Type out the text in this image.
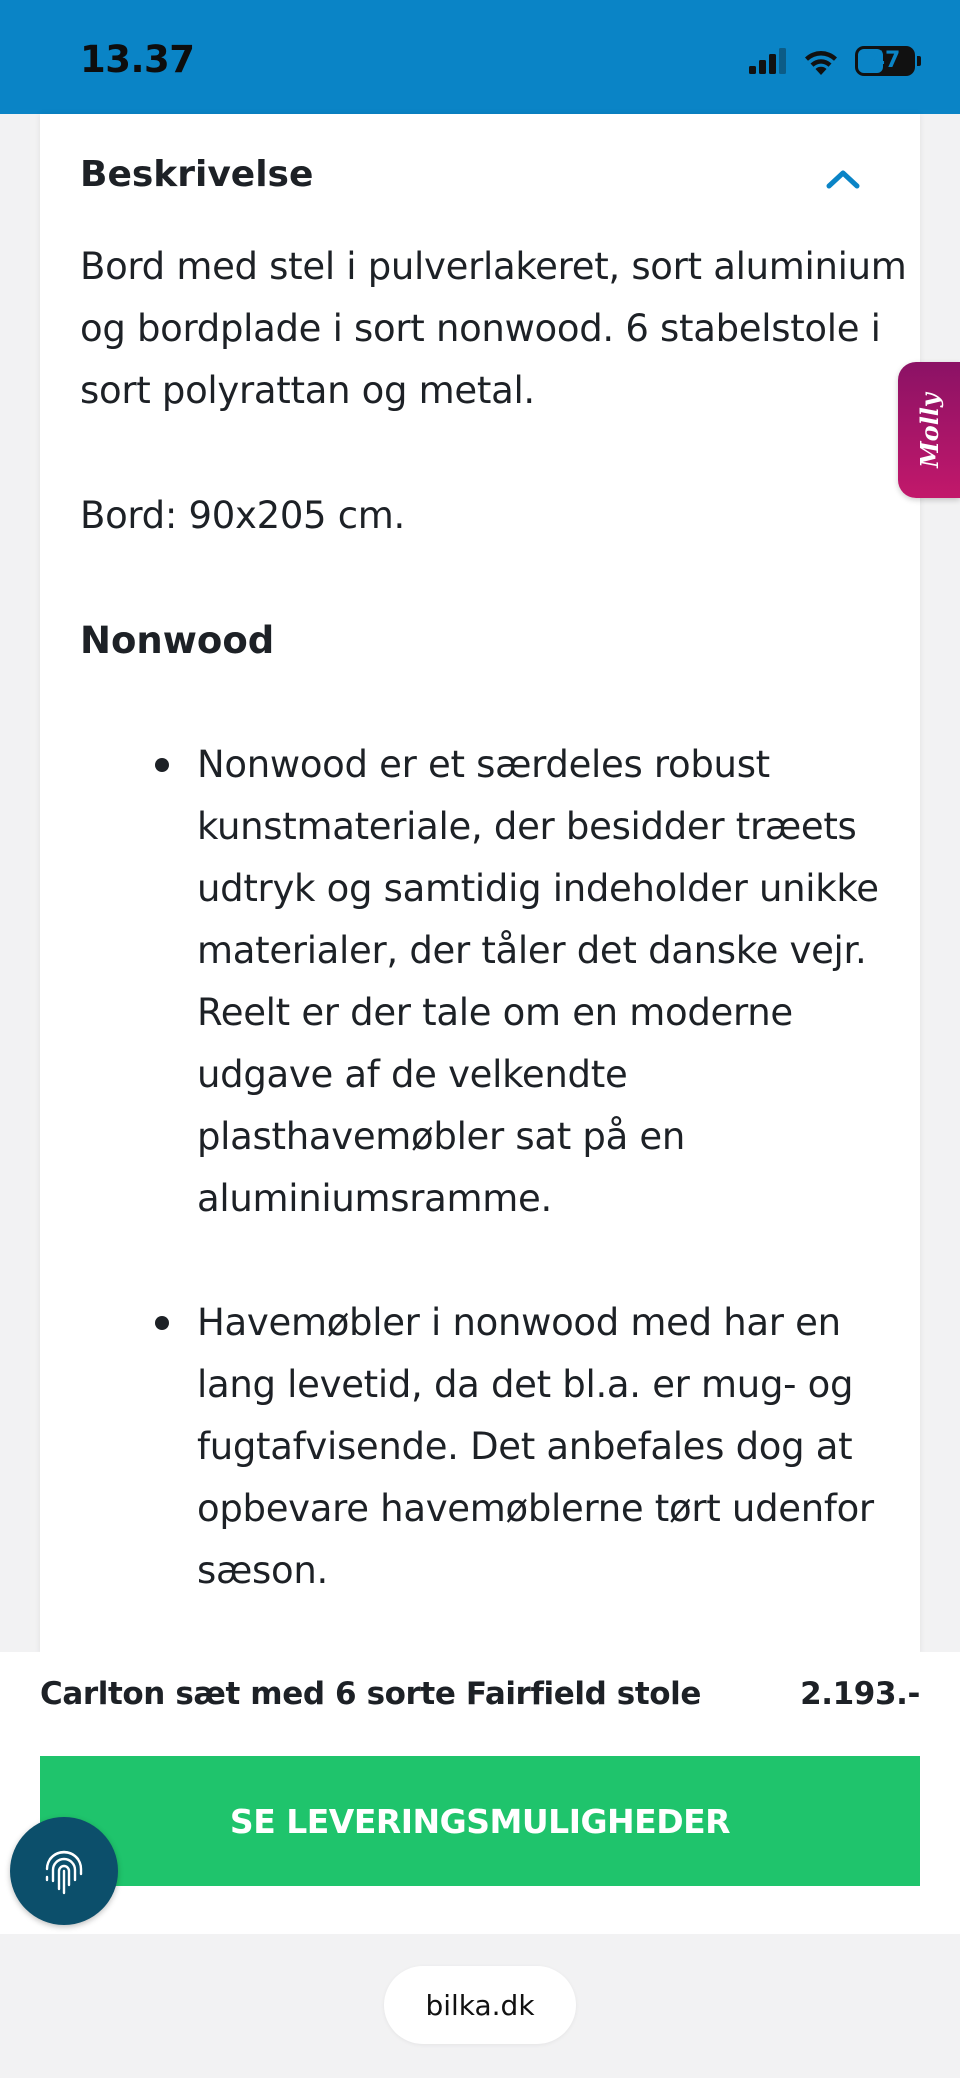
13.37	47
Beskrivelse

Bord med stel i pulverlakeret, sort aluminium og bordplade i sort nonwood. 6 stabelstole i sort polyrattan og metal.

Bord: 90x205 cm.

Nonwood
Nonwood er et særdeles robust kunstmateriale, der besidder træets udtryk og samtidig indeholder unikke materialer, der tåler det danske vejr. Reelt er der tale om en moderne udgave af de velkendte plasthavemøbler sat på en aluminiumsramme.
Havemøbler i nonwood med har en lang levetid, da det bl.a. er mug- og fugtafvisende. Det anbefales dog at opbevare havemøblerne tørt udenfor sæson.
Molly
Carlton sæt med 6 sorte Fairfield stole	2.193.-
SE LEVERINGSMULIGHEDER
bilka.dk
